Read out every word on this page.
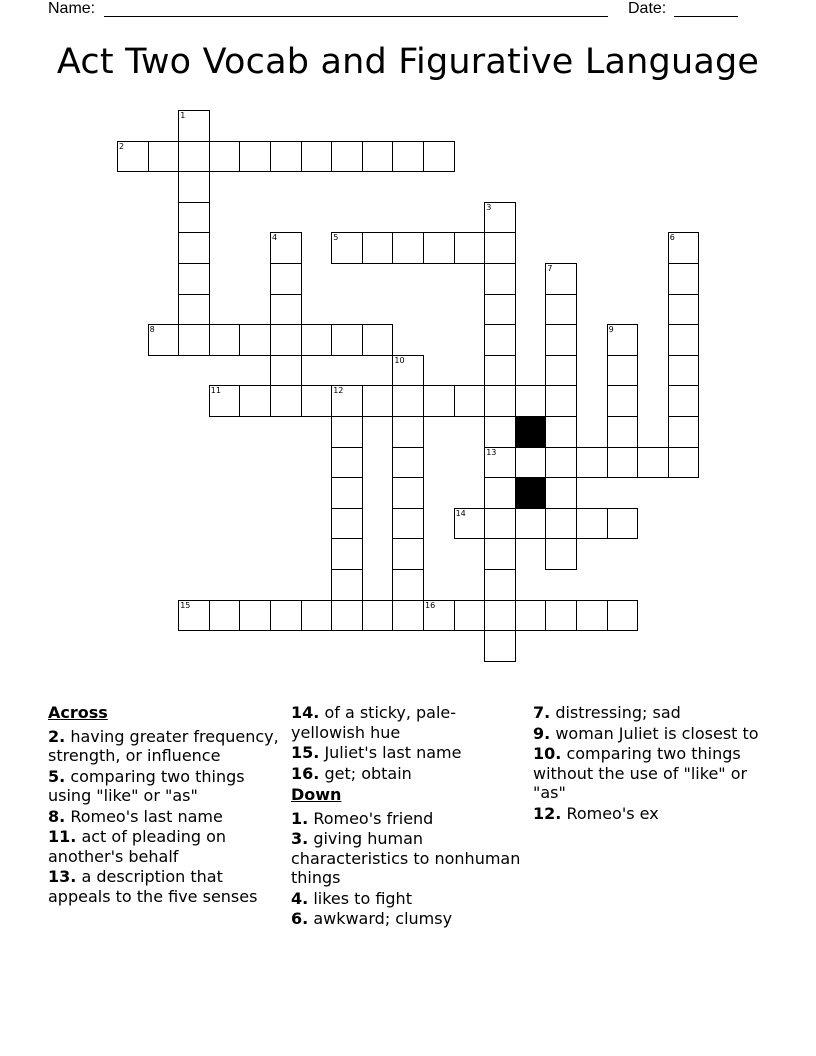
Name:	Date:
Act Two Vocab and Figurative Language
1
2
3
4	5	6
7
8	9
10
11	12
13
14
15	16
Across
2. having greater frequency, strength, or influence
5. comparing two things using "like" or "as"
8. Romeo's last name
11. act of pleading on another's behalf
13. a description that appeals to the five senses
14. of a sticky, pale-yellowish hue
15. Juliet's last name
16. get; obtain
Down
1. Romeo's friend
3. giving human characteristics to nonhuman things
4. likes to fight
6. awkward; clumsy
7. distressing; sad
9. woman Juliet is closest to
10. comparing two things without the use of "like" or "as"
12. Romeo's ex
